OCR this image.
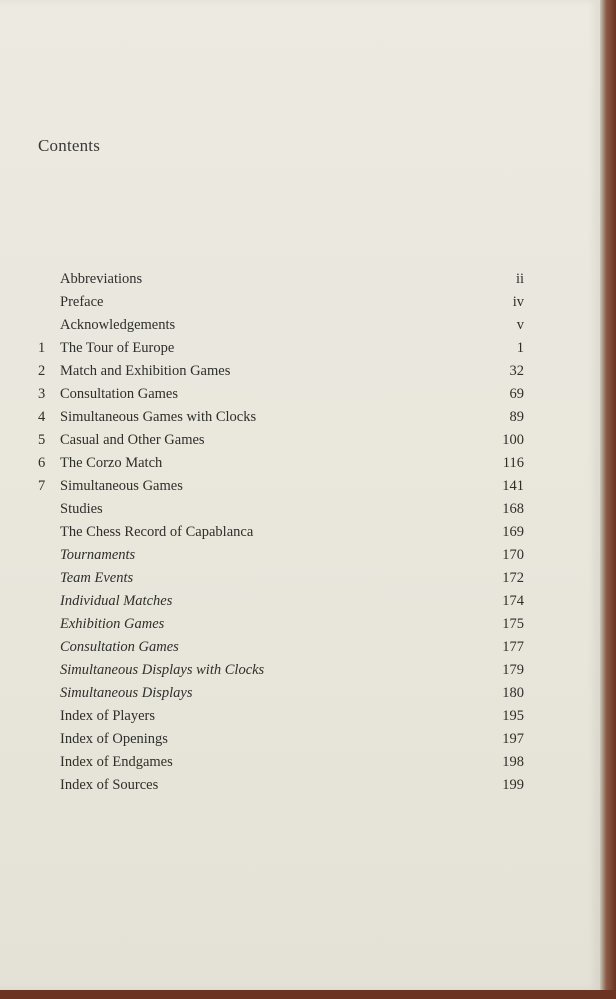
Contents
Abbreviations	ii
Preface	iv
Acknowledgements	v
1	The Tour of Europe	1
2	Match and Exhibition Games	32
3	Consultation Games	69
4	Simultaneous Games with Clocks	89
5	Casual and Other Games	100
6	The Corzo Match	116
7	Simultaneous Games	141
Studies	168
The Chess Record of Capablanca	169
Tournaments	170
Team Events	172
Individual Matches	174
Exhibition Games	175
Consultation Games	177
Simultaneous Displays with Clocks	179
Simultaneous Displays	180
Index of Players	195
Index of Openings	197
Index of Endgames	198
Index of Sources	199
